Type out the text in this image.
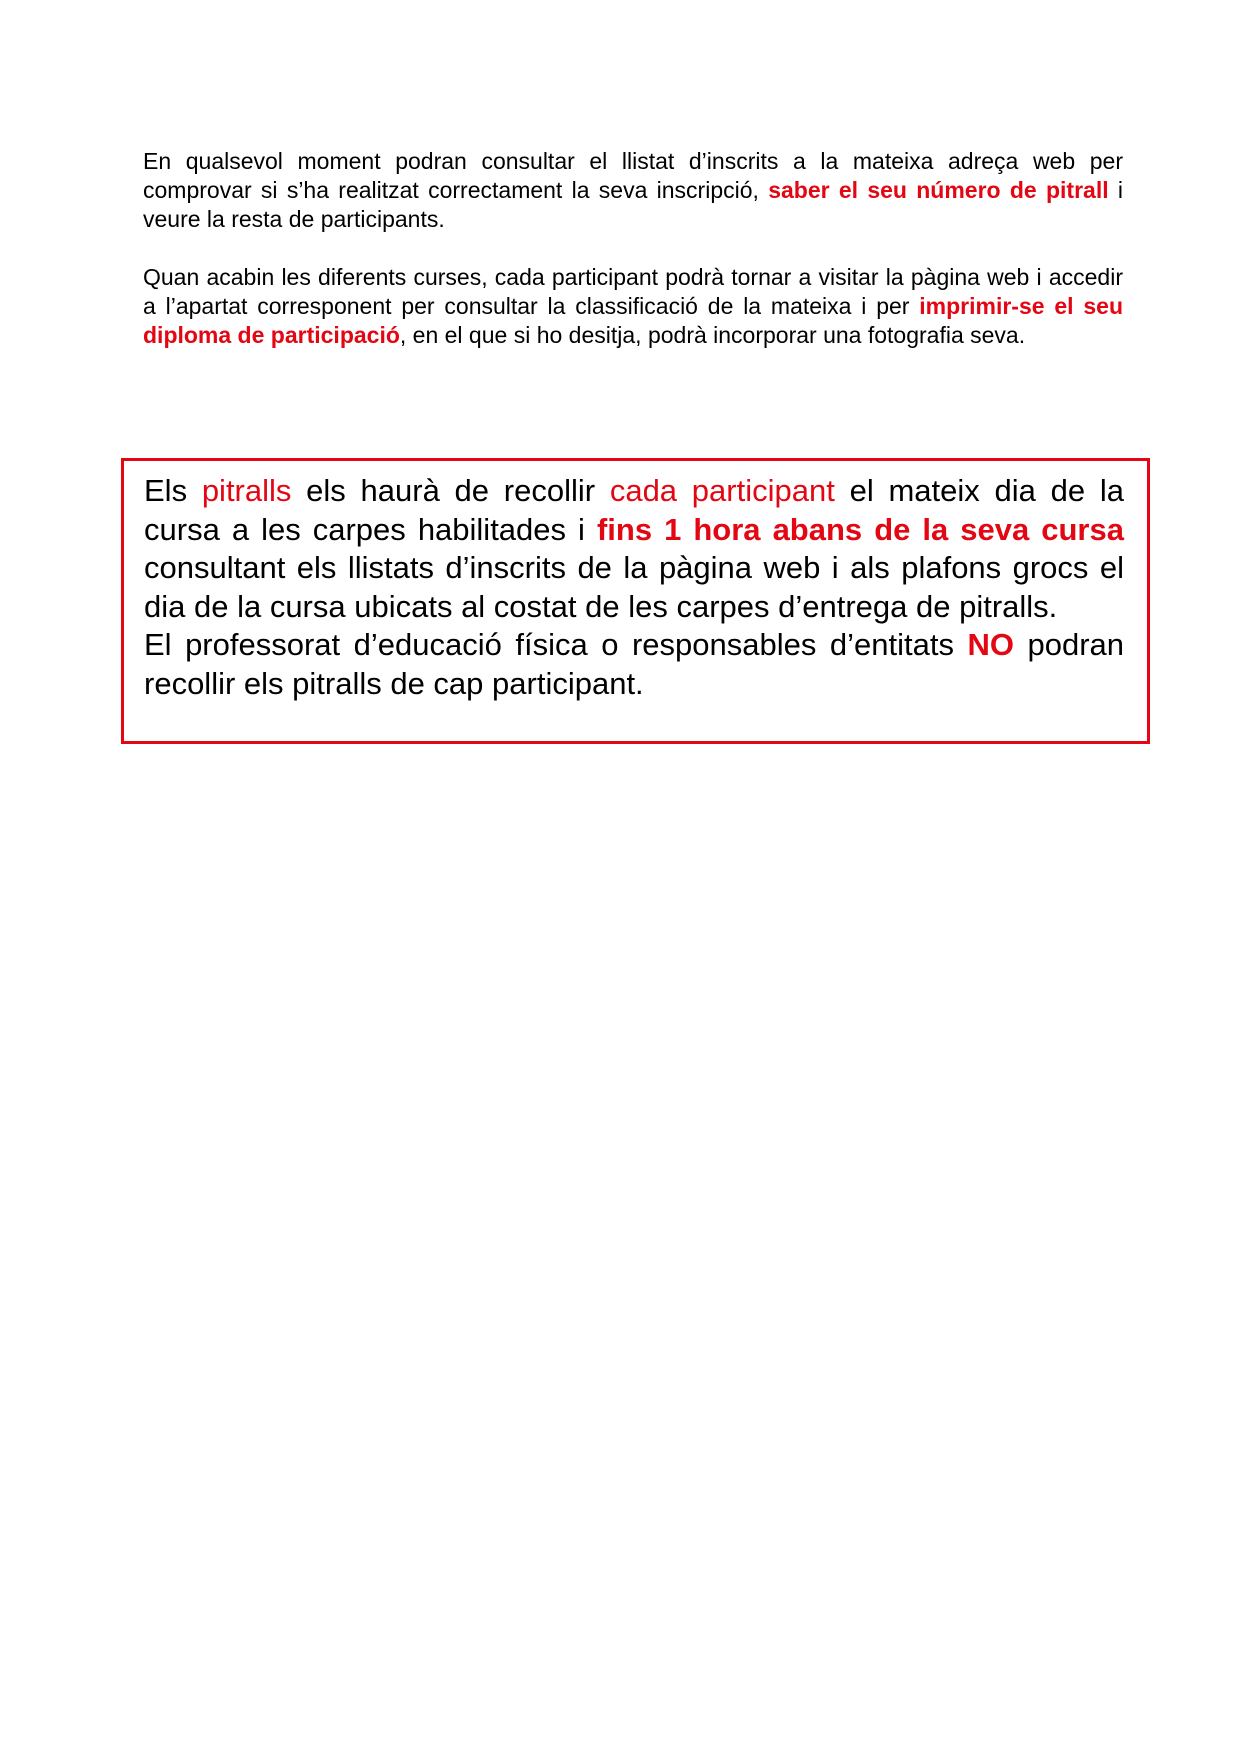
En qualsevol moment podran consultar el llistat d’inscrits a la mateixa adreça web per comprovar si s’ha realitzat correctament la seva inscripció, saber el seu número de pitrall i veure la resta de participants.

Quan acabin les diferents curses, cada participant podrà tornar a visitar la pàgina web i accedir a l’apartat corresponent per consultar la classificació de la mateixa i per imprimir-se el seu diploma de participació, en el que si ho desitja, podrà incorporar una fotografia seva.

Els pitralls els haurà de recollir cada participant el mateix dia de la cursa a les carpes habilitades i fins 1 hora abans de la seva cursa consultant els llistats d’inscrits de la pàgina web i als plafons grocs el dia de la cursa ubicats al costat de les carpes d’entrega de pitralls.
El professorat d’educació física o responsables d’entitats NO podran recollir els pitralls de cap participant.
